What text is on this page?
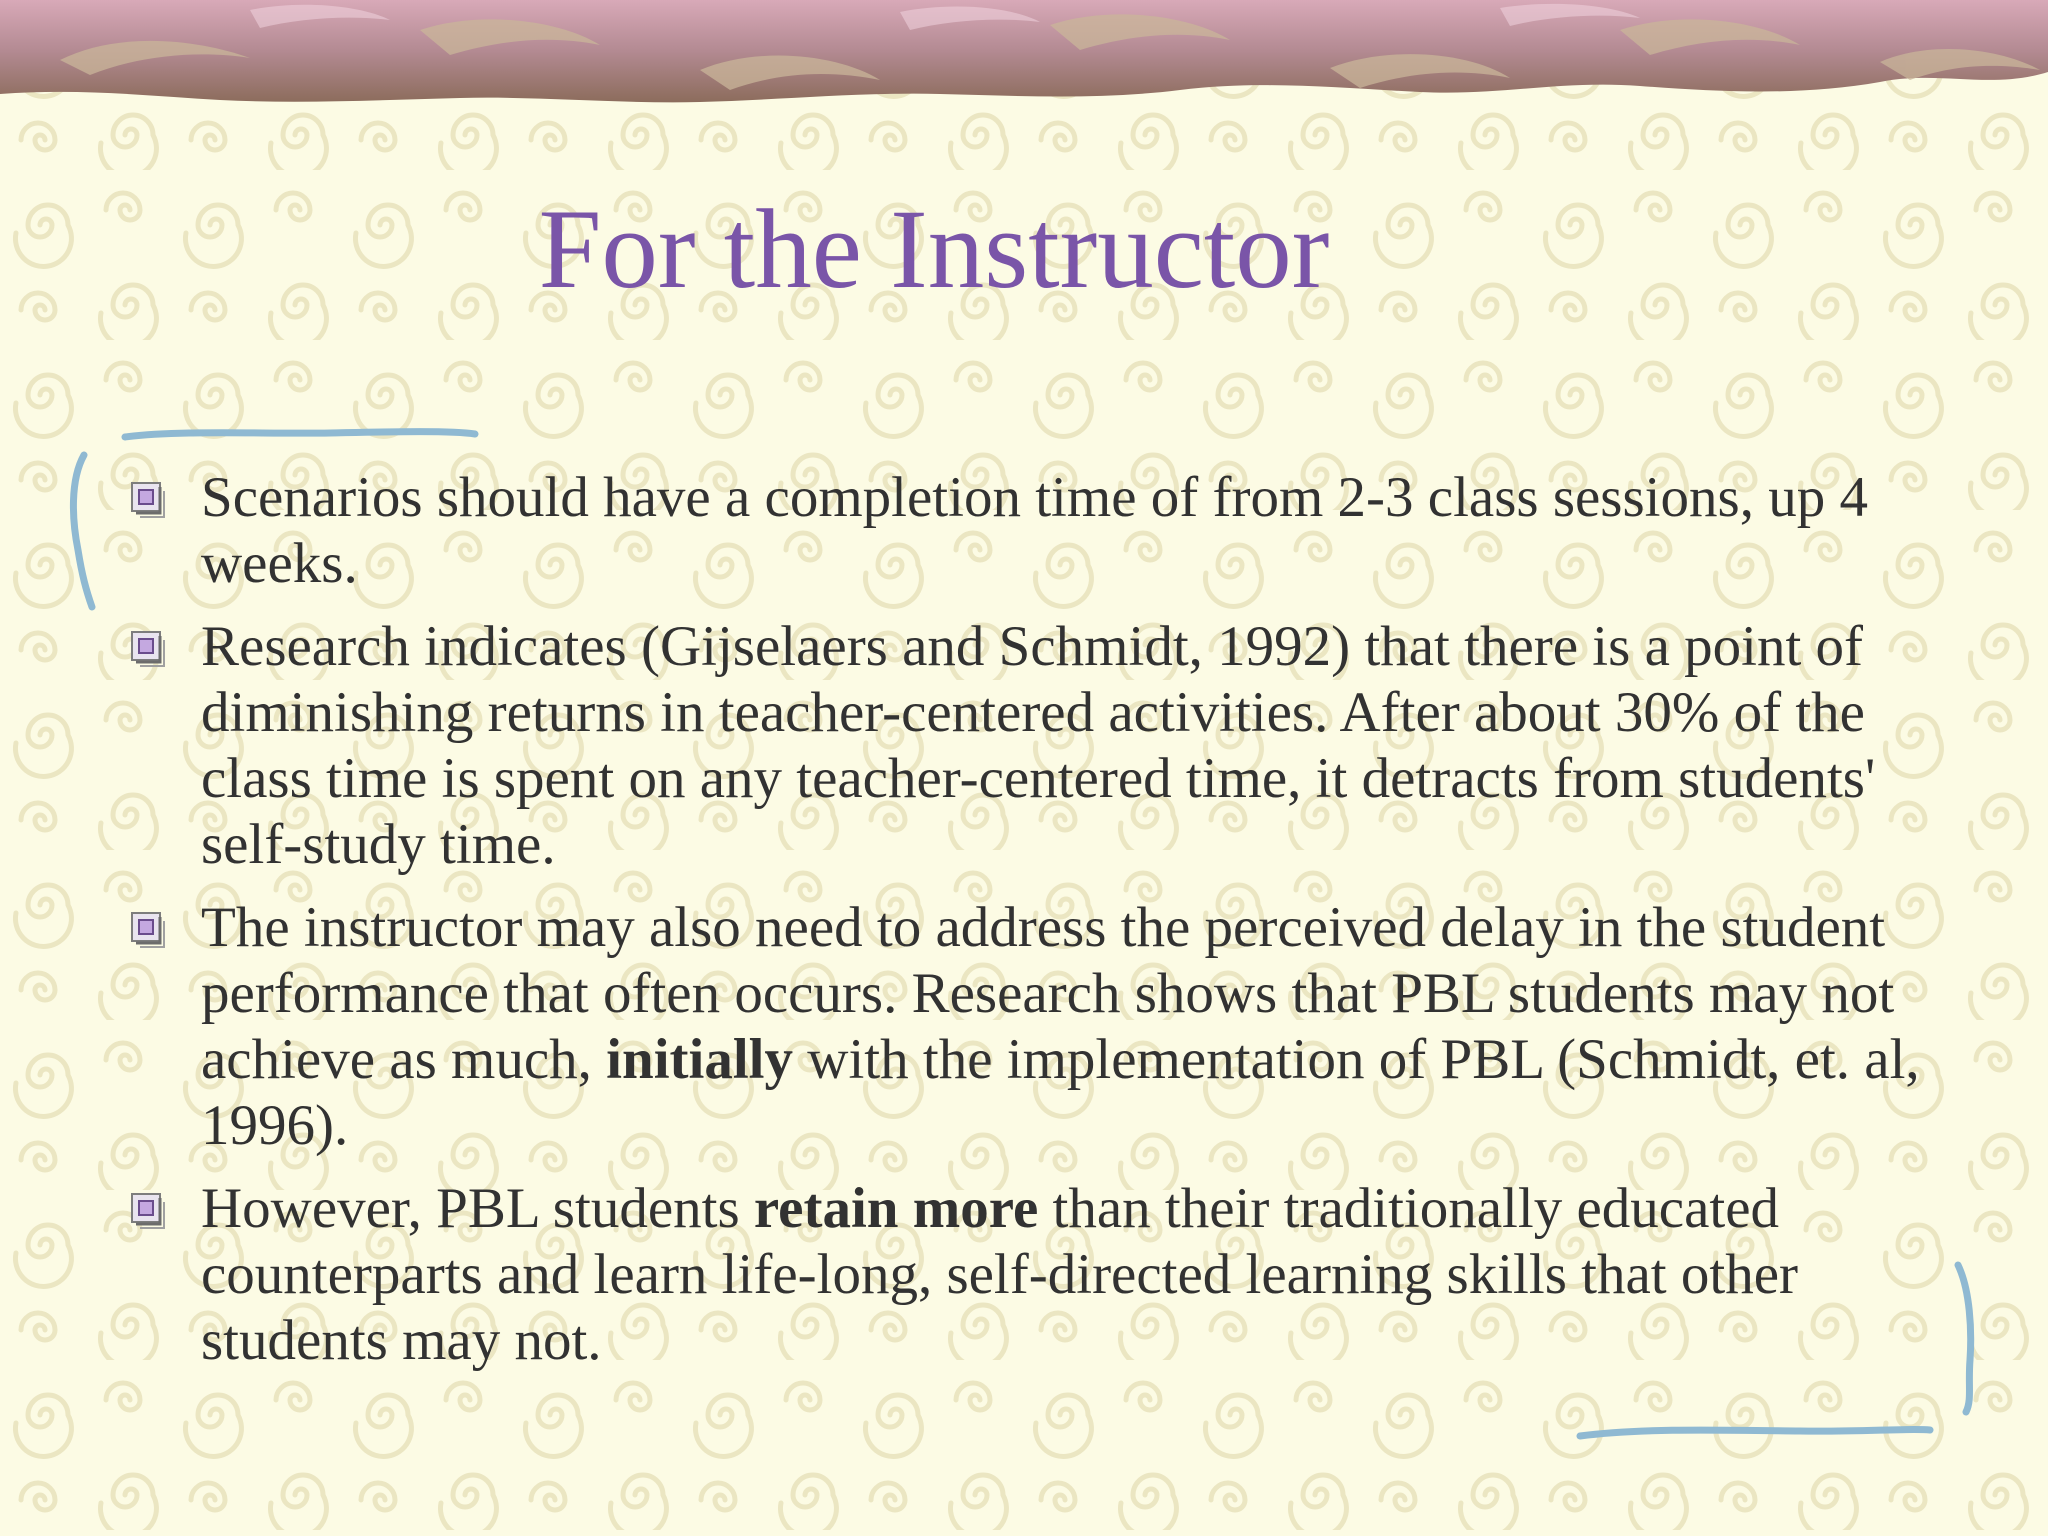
For the Instructor
Scenarios should have a completion time of from 2-3 class sessions, up 4 weeks.
Research indicates (Gijselaers and Schmidt, 1992) that there is a point of diminishing returns in teacher-centered activities. After about 30% of the class time is spent on any teacher-centered time, it detracts from students' self-study time.
The instructor may also need to address the perceived delay in the student performance that often occurs. Research shows that PBL students may not achieve as much, initially with the implementation of PBL (Schmidt, et. al, 1996).
However, PBL students retain more than their traditionally educated counterparts and learn life-long, self-directed learning skills that other students may not.
